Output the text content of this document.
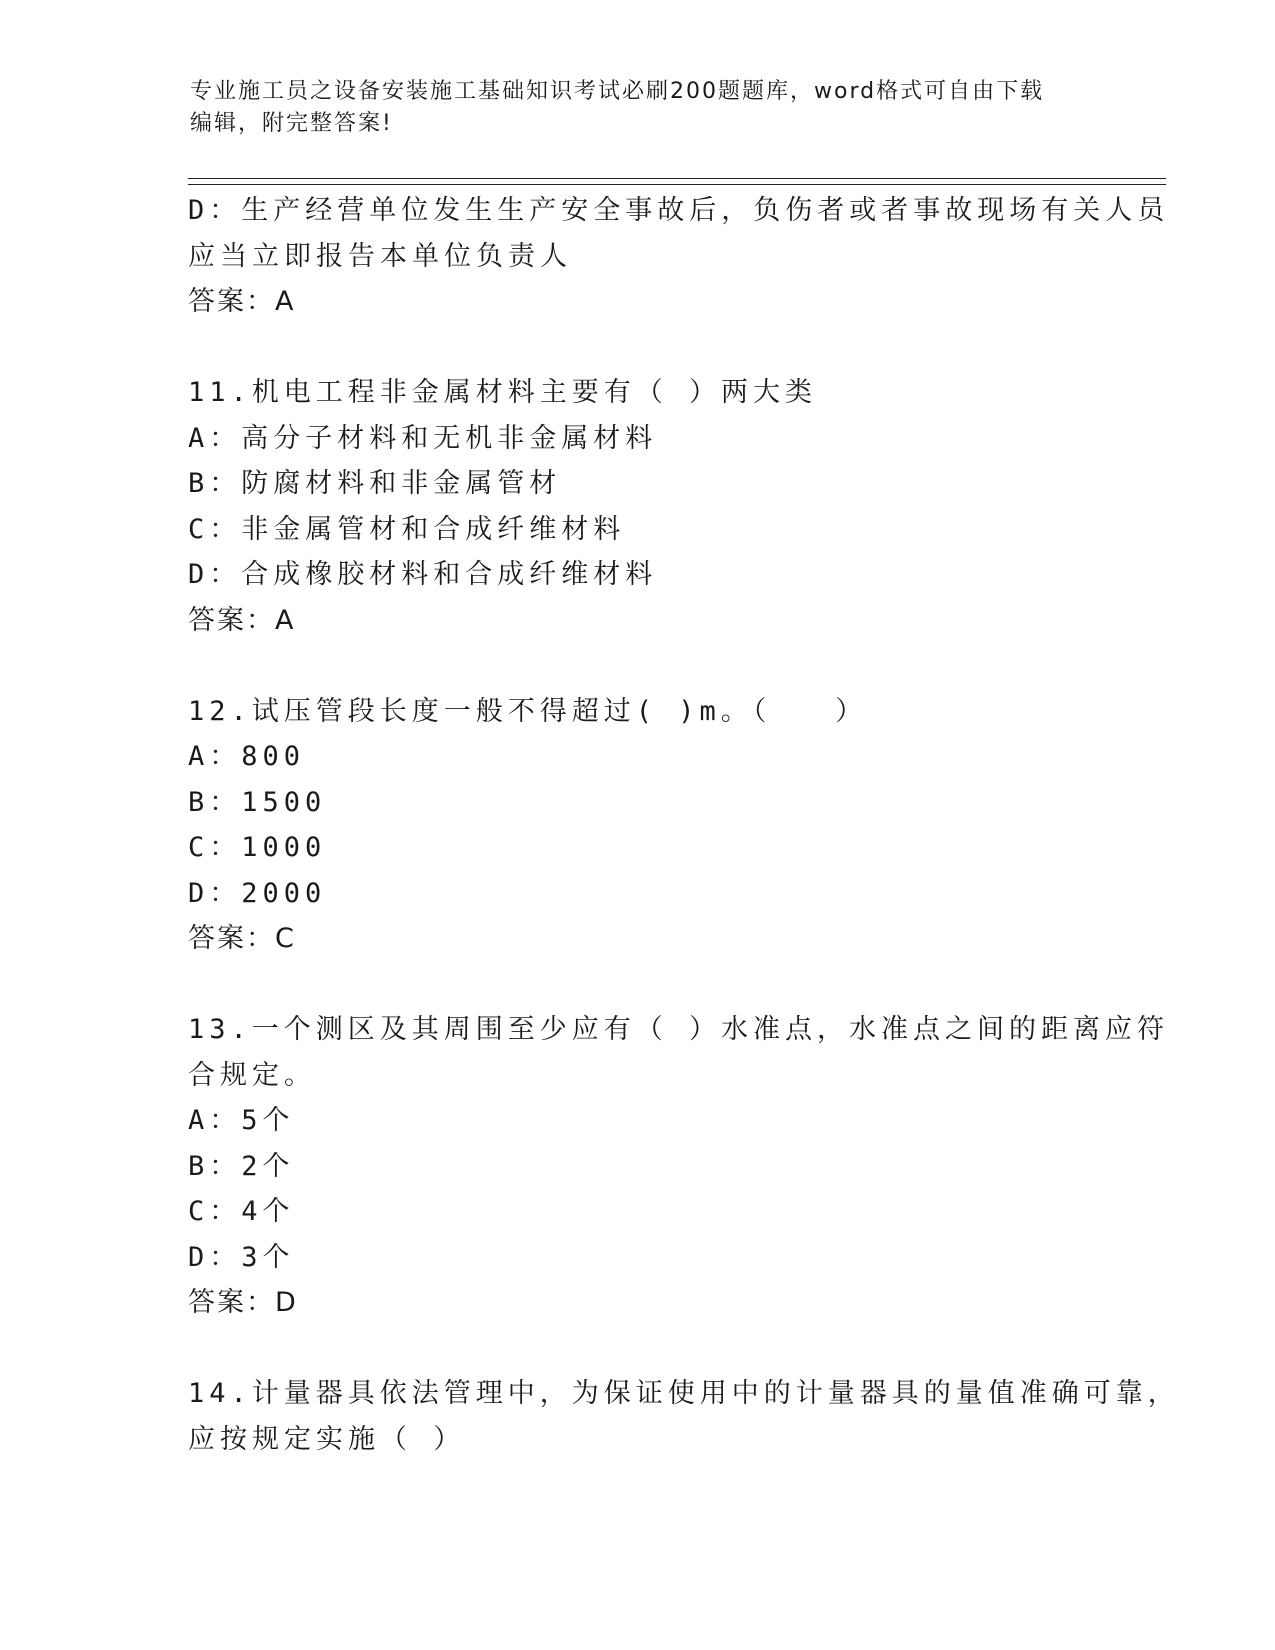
专业施工员之设备安装施工基础知识考试必刷200题题库，word格式可自由下载
编辑，附完整答案!
D：生产经营单位发生生产安全事故后，负伤者或者事故现场有关人员
应当立即报告本单位负责人
答案：A
11.机电工程非金属材料主要有（ ）两大类
A：高分子材料和无机非金属材料
B：防腐材料和非金属管材
C：非金属管材和合成纤维材料
D：合成橡胶材料和合成纤维材料
答案：A
12.试压管段长度一般不得超过( )m。（　　）
A：800
B：1500
C：1000
D：2000
答案：C
13.一个测区及其周围至少应有（ ）水准点，水准点之间的距离应符
合规定。
A：5个
B：2个
C：4个
D：3个
答案：D
14.计量器具依法管理中，为保证使用中的计量器具的量值准确可靠，
应按规定实施（ ）
